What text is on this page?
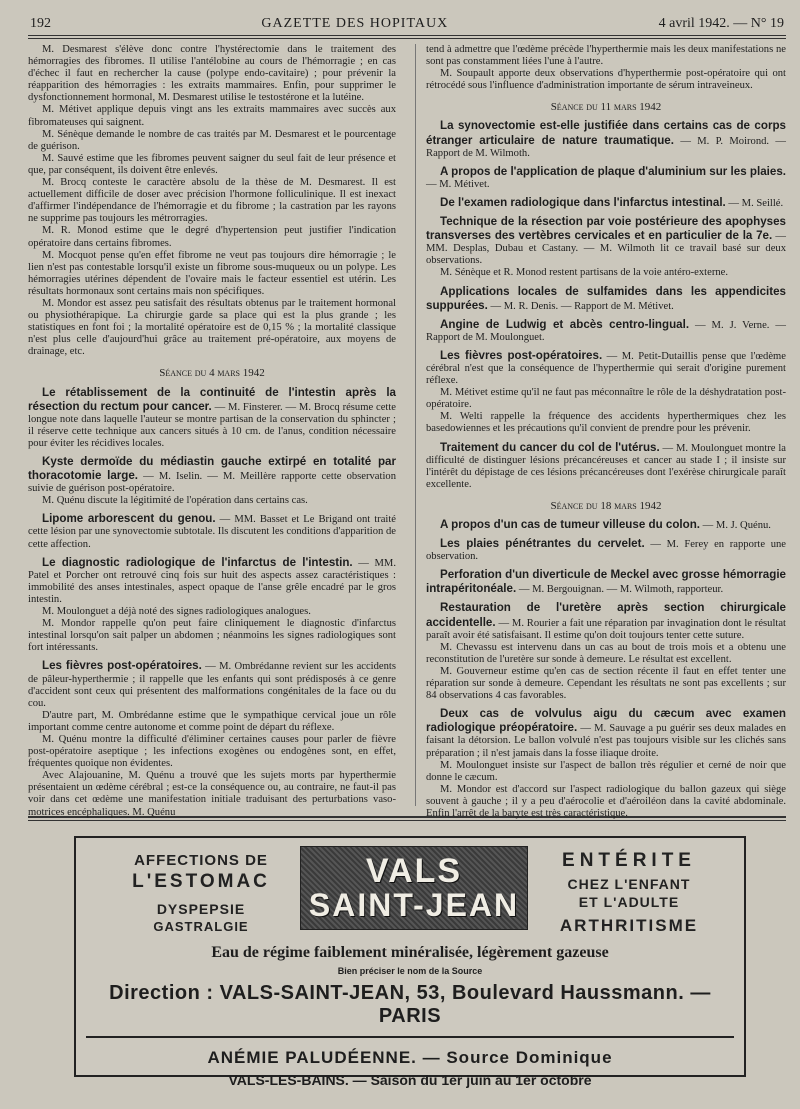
192	GAZETTE DES HOPITAUX	4 avril 1942. — N° 19

M. Desmarest s'élève donc contre l'hystérectomie dans le traitement des hémorragies des fibromes. Il utilise l'antélobine au cours de l'hémorragie ; en cas d'échec il faut en rechercher la cause (polype endo-cavitaire) ; pour prévenir la réapparition des hémorragies : les extraits mammaires. Enfin, pour supprimer le dysfonctionnement hormonal, M. Desmarest utilise le testostérone et la lutéine.

M. Métivet applique depuis vingt ans les extraits mammaires avec succès aux fibromateuses qui saignent.

M. Sénèque demande le nombre de cas traités par M. Desmarest et le pourcentage de guérison.

M. Sauvé estime que les fibromes peuvent saigner du seul fait de leur présence et que, par conséquent, ils doivent être enlevés.

M. Brocq conteste le caractère absolu de la thèse de M. Desmarest. Il est actuellement difficile de doser avec précision l'hormone folliculinique. Il est inexact d'affirmer l'indépendance de l'hémorragie et du fibrome ; la castration par les rayons ne supprime pas toujours les métrorragies.

M. R. Monod estime que le degré d'hypertension peut justifier l'indication opératoire dans certains fibromes.

M. Mocquot pense qu'en effet fibrome ne veut pas toujours dire hémorragie ; le lien n'est pas contestable lorsqu'il existe un fibrome sous-muqueux ou un polype. Les hémorragies utérines dépendent de l'ovaire mais le facteur essentiel est utérin. Les résultats hormonaux sont certains mais non spécifiques.

M. Mondor est assez peu satisfait des résultats obtenus par le traitement hormonal ou physiothérapique. La chirurgie garde sa place qui est la plus grande ; les statistiques en font foi ; la mortalité opératoire est de 0,15 % ; la mortalité classique n'est plus celle d'aujourd'hui grâce au traitement pré-opératoire, aux moyens de drainage, etc.

Séance du 4 mars 1942

Le rétablissement de la continuité de l'intestin après la résection du rectum pour cancer. — M. Finsterer. — M. Brocq résume cette longue note dans laquelle l'auteur se montre partisan de la conservation du sphincter ; il réserve cette technique aux cancers situés à 10 cm. de l'anus, condition nécessaire pour éviter les récidives locales.

Kyste dermoïde du médiastin gauche extirpé en totalité par thoracotomie large. — M. Iselin. — M. Meillère rapporte cette observation suivie de guérison post-opératoire.

M. Quénu discute la légitimité de l'opération dans certains cas.

Lipome arborescent du genou. — MM. Basset et Le Brigand ont traité cette lésion par une synovectomie subtotale. Ils discutent les conditions d'apparition de cette affection.

Le diagnostic radiologique de l'infarctus de l'intestin. — MM. Patel et Porcher ont retrouvé cinq fois sur huit des aspects assez caractéristiques : immobilité des anses intestinales, aspect opaque de l'anse grêle encadré par le gros intestin.

M. Moulonguet a déjà noté des signes radiologiques analogues.

M. Mondor rappelle qu'on peut faire cliniquement le diagnostic d'infarctus intestinal lorsqu'on sait palper un abdomen ; néanmoins les signes radiologiques sont fort intéressants.

Les fièvres post-opératoires. — M. Ombrédanne revient sur les accidents de pâleur-hyperthermie ; il rappelle que les enfants qui sont prédisposés à ce genre d'accident sont ceux qui présentent des malformations congénitales de la face ou du cou.

D'autre part, M. Ombrédanne estime que le sympathique cervical joue un rôle important comme centre autonome et comme point de départ du réflexe.

M. Quénu montre la difficulté d'éliminer certaines causes pour parler de fièvre post-opératoire aseptique ; les infections exogènes ou endogènes sont, en effet, fréquentes quoique non évidentes.

Avec Alajouanine, M. Quénu a trouvé que les sujets morts par hyperthermie présentaient un œdème cérébral ; est-ce la conséquence ou, au contraire, ne faut-il pas voir dans cet œdème une manifestation initiale traduisant des perturbations vaso-motrices encéphaliques. M. Quénu

tend à admettre que l'œdème précède l'hyperthermie mais les deux manifestations ne sont pas constamment liées l'une à l'autre.

M. Soupault apporte deux observations d'hyperthermie post-opératoire qui ont rétrocédé sous l'influence d'administration importante de sérum intraveineux.

Séance du 11 mars 1942

La synovectomie est-elle justifiée dans certains cas de corps étranger articulaire de nature traumatique. — M. P. Moirond. — Rapport de M. Wilmoth.

A propos de l'application de plaque d'aluminium sur les plaies. — M. Métivet.

De l'examen radiologique dans l'infarctus intestinal. — M. Seillé.

Technique de la résection par voie postérieure des apophyses transverses des vertèbres cervicales et en particulier de la 7e. — MM. Desplas, Dubau et Castany. — M. Wilmoth lit ce travail basé sur deux observations.

M. Sénèque et R. Monod restent partisans de la voie antéro-externe.

Applications locales de sulfamides dans les appendicites suppurées. — M. R. Denis. — Rapport de M. Métivet.

Angine de Ludwig et abcès centro-lingual. — M. J. Verne. — Rapport de M. Moulonguet.

Les fièvres post-opératoires. — M. Petit-Dutaillis pense que l'œdème cérébral n'est que la conséquence de l'hyperthermie qui serait d'origine purement réflexe.

M. Métivet estime qu'il ne faut pas méconnaître le rôle de la déshydratation post-opératoire.

M. Welti rappelle la fréquence des accidents hyperthermiques chez les basedowiennes et les précautions qu'il convient de prendre pour les prévenir.

Traitement du cancer du col de l'utérus. — M. Moulonguet montre la difficulté de distinguer lésions précancéreuses et cancer au stade I ; il insiste sur l'intérêt du dépistage de ces lésions précancéreuses dont l'exérèse chirurgicale paraît excellente.

Séance du 18 mars 1942

A propos d'un cas de tumeur villeuse du colon. — M. J. Quénu.

Les plaies pénétrantes du cervelet. — M. Ferey en rapporte une observation.

Perforation d'un diverticule de Meckel avec grosse hémorragie intrapéritonéale. — M. Bergouignan. — M. Wilmoth, rapporteur.

Restauration de l'uretère après section chirurgicale accidentelle. — M. Rourier a fait une réparation par invagination dont le résultat paraît avoir été satisfaisant. Il estime qu'on doit toujours tenter cette suture.

M. Chevassu est intervenu dans un cas au bout de trois mois et a obtenu une reconstitution de l'uretère sur sonde à demeure. Le résultat est excellent.

M. Gouverneur estime qu'en cas de section récente il faut en effet tenter une réparation sur sonde à demeure. Cependant les résultats ne sont pas excellents ; sur 84 observations 4 cas favorables.

Deux cas de volvulus aigu du cæcum avec examen radiologique préopératoire. — M. Sauvage a pu guérir ses deux malades en faisant la détorsion. Le ballon volvulé n'est pas toujours visible sur les clichés sans préparation ; il n'est jamais dans la fosse iliaque droite.

M. Moulonguet insiste sur l'aspect de ballon très régulier et cerné de noir que donne le cæcum.

M. Mondor est d'accord sur l'aspect radiologique du ballon gazeux qui siège souvent à gauche ; il y a peu d'aérocolie et d'aéroiléon dans la cavité abdominale. Enfin l'arrêt de la baryte est très caractéristique.

AFFECTIONS DE
L'ESTOMAC
DYSPEPSIE
GASTRALGIE
VALS
SAINT-JEAN
ENTÉRITE
CHEZ L'ENFANT
ET L'ADULTE
ARTHRITISME
Eau de régime faiblement minéralisée, légèrement gazeuse
Bien préciser le nom de la Source
Direction : VALS-SAINT-JEAN, 53, Boulevard Haussmann. — PARIS
ANÉMIE PALUDÉENNE. — Source Dominique
VALS-LES-BAINS. — Saison du 1er juin au 1er octobre
